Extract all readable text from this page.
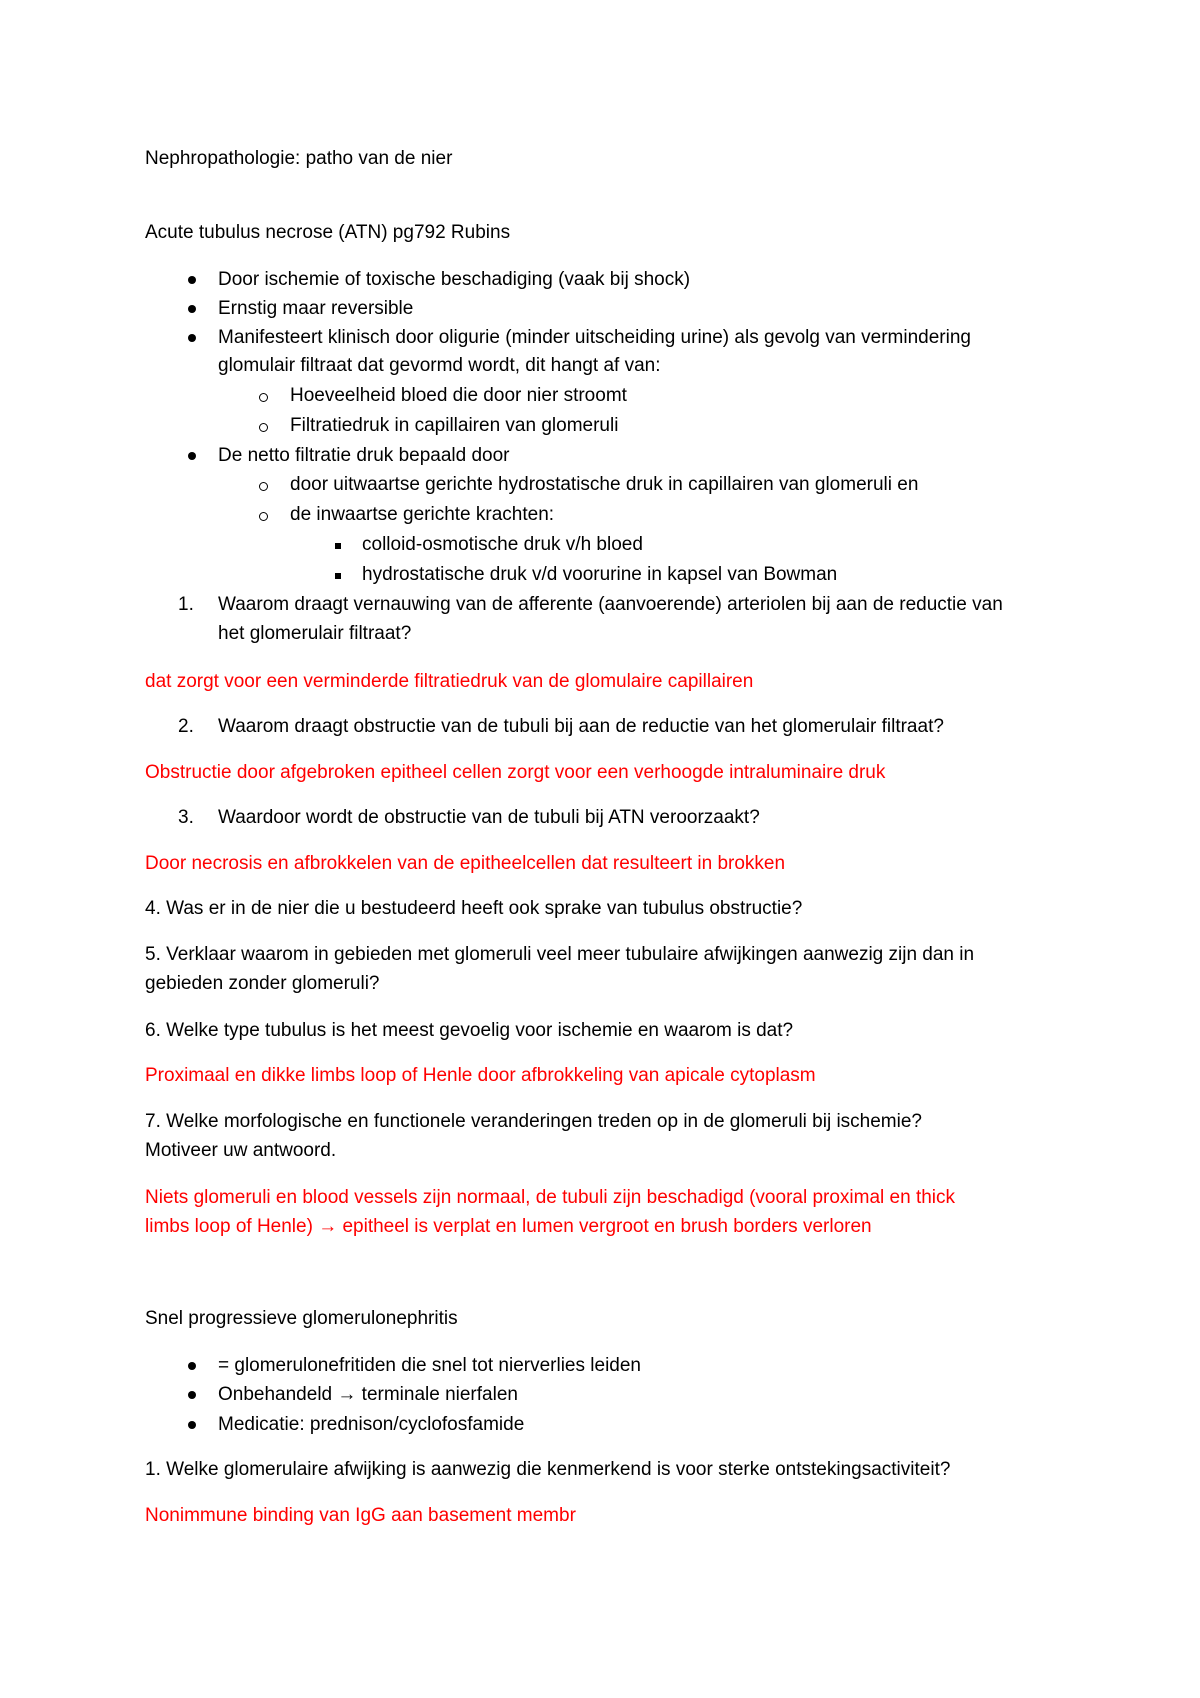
Nephropathologie: patho van de nier
Acute tubulus necrose (ATN) pg792 Rubins
Door ischemie of toxische beschadiging (vaak bij shock)
Ernstig maar reversible
Manifesteert klinisch door oligurie (minder uitscheiding urine) als gevolg van vermindering
glomulair filtraat dat gevormd wordt, dit hangt af van:
Hoeveelheid bloed die door nier stroomt
Filtratiedruk in capillairen van glomeruli
De netto filtratie druk bepaald door
door uitwaartse gerichte hydrostatische druk in capillairen van glomeruli en
de inwaartse gerichte krachten:
colloid-osmotische druk v/h bloed
hydrostatische druk v/d voorurine in kapsel van Bowman
1. Waarom draagt vernauwing van de afferente (aanvoerende) arteriolen bij aan de reductie van
het glomerulair filtraat?
dat zorgt voor een verminderde filtratiedruk van de glomulaire capillairen
2. Waarom draagt obstructie van de tubuli bij aan de reductie van het glomerulair filtraat?
Obstructie door afgebroken epitheel cellen zorgt voor een verhoogde intraluminaire druk
3. Waardoor wordt de obstructie van de tubuli bij ATN veroorzaakt?
Door necrosis en afbrokkelen van de epitheelcellen dat resulteert in brokken
4. Was er in de nier die u bestudeerd heeft ook sprake van tubulus obstructie?
5. Verklaar waarom in gebieden met glomeruli veel meer tubulaire afwijkingen aanwezig zijn dan in
gebieden zonder glomeruli?
6. Welke type tubulus is het meest gevoelig voor ischemie en waarom is dat?
Proximaal en dikke limbs loop of Henle door afbrokkeling van apicale cytoplasm
7. Welke morfologische en functionele veranderingen treden op in de glomeruli bij ischemie?
Motiveer uw antwoord.
Niets glomeruli en blood vessels zijn normaal, de tubuli zijn beschadigd (vooral proximal en thick
limbs loop of Henle) → epitheel is verplat en lumen vergroot en brush borders verloren
Snel progressieve glomerulonephritis
= glomerulonefritiden die snel tot nierverlies leiden
Onbehandeld → terminale nierfalen
Medicatie: prednison/cyclofosfamide
1. Welke glomerulaire afwijking is aanwezig die kenmerkend is voor sterke ontstekingsactiviteit?
Nonimmune binding van IgG aan basement membr
